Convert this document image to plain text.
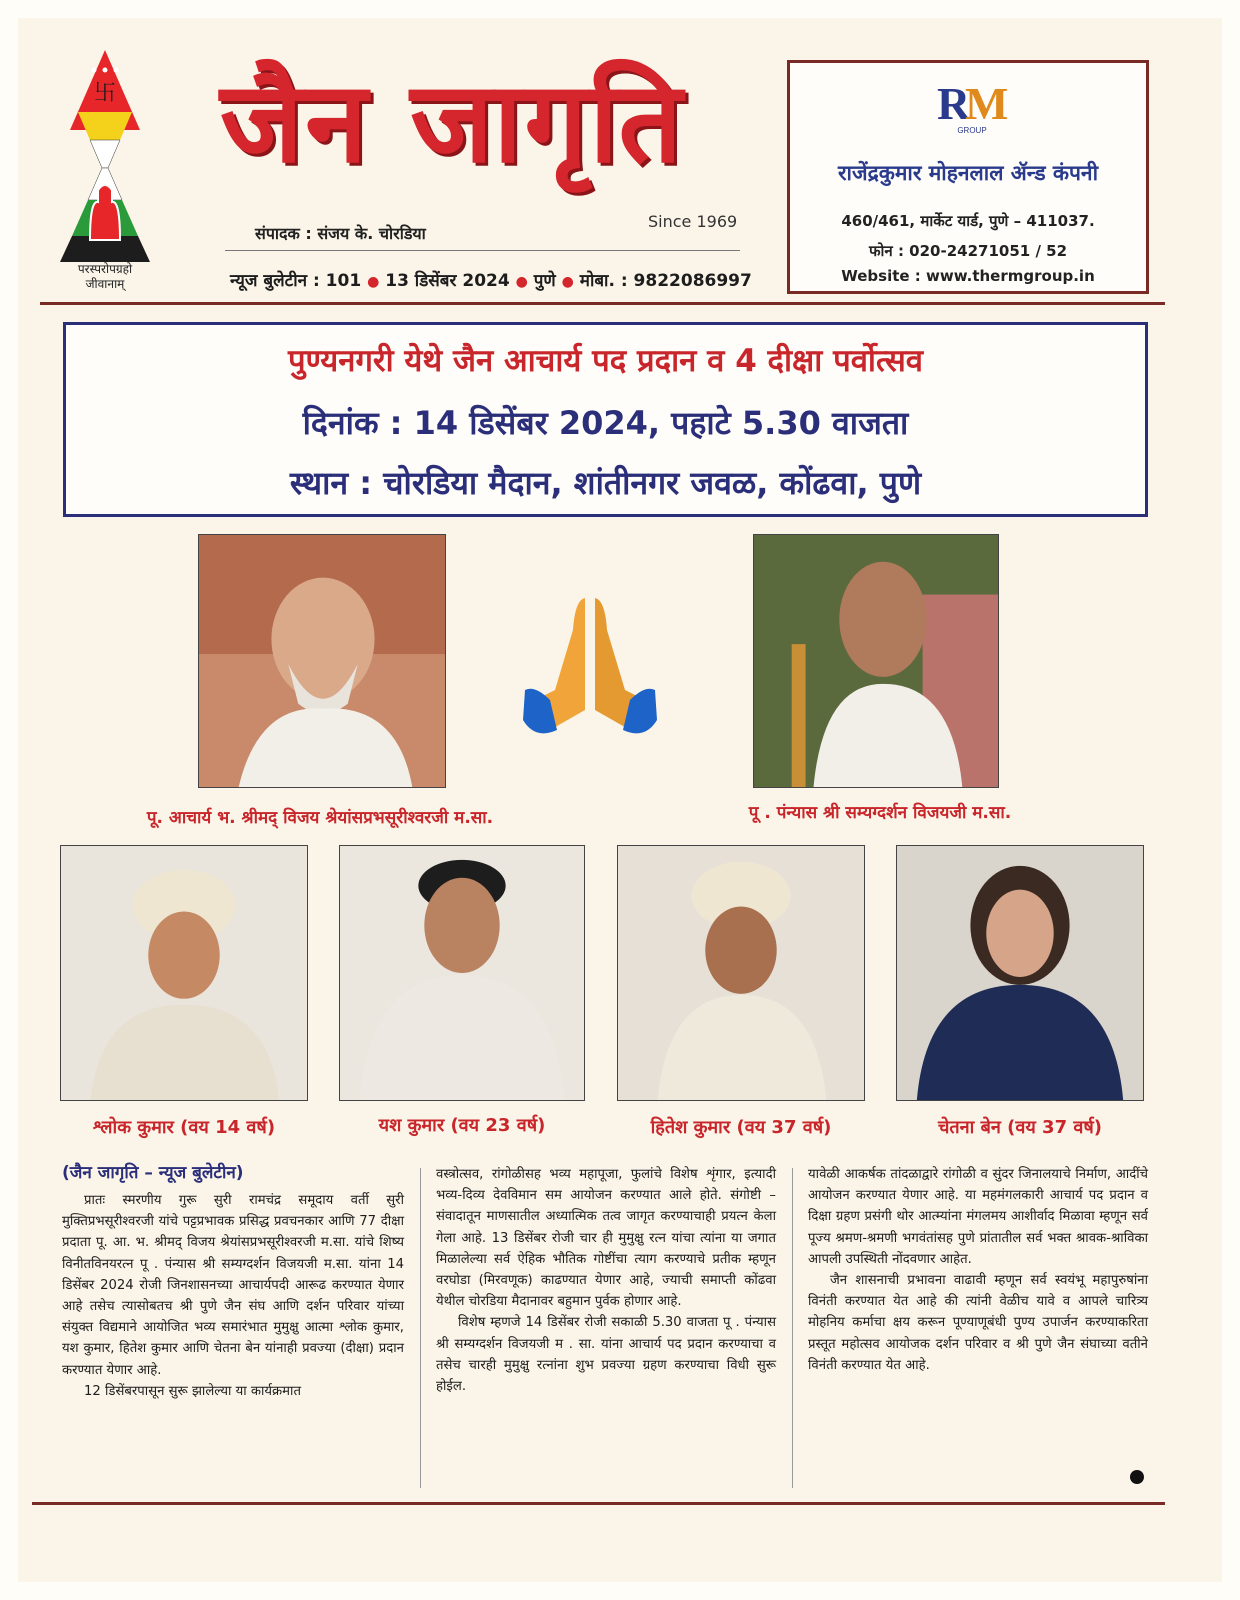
卐
परस्परोपग्रहो
जीवानाम्
जैन जागृति
Since 1969
संपादक : संजय के. चोरडिया
न्यूज बुलेटीन : 101 ● 13 डिसेंबर 2024 ● पुणे ● मोबा. : 9822086997
R
M
GROUP
राजेंद्रकुमार मोहनलाल ॲन्ड कंपनी
460/461, मार्केट यार्ड, पुणे – 411037.
फोन : 020-24271051 / 52
Website : www.thermgroup.in
पुण्यनगरी येथे जैन आचार्य पद प्रदान व 4 दीक्षा पर्वोत्सव
दिनांक : 14 डिसेंबर 2024, पहाटे 5.30 वाजता
स्थान : चोरडिया मैदान, शांतीनगर जवळ, कोंढवा, पुणे
पू. आचार्य भ. श्रीमद् विजय श्रेयांसप्रभसूरीश्वरजी म.सा.	पू . पंन्यास श्री सम्यग्दर्शन विजयजी म.सा.
श्लोक कुमार (वय 14 वर्ष)	यश कुमार (वय 23 वर्ष)	हितेश कुमार (वय 37 वर्ष)	चेतना बेन (वय 37 वर्ष)
(जैन जागृति – न्यूज बुलेटीन)

प्रातः स्मरणीय गुरू सुरी रामचंद्र समूदाय वर्ती सुरी मुक्तिप्रभसूरीश्वरजी यांचे पट्टप्रभावक प्रसिद्ध प्रवचनकार आणि 77 दीक्षा प्रदाता पू. आ. भ. श्रीमद् विजय श्रेयांसप्रभसूरीश्वरजी म.सा. यांचे शिष्य विनीतविनयरत्न पू . पंन्यास श्री सम्यग्दर्शन विजयजी म.सा. यांना 14 डिसेंबर 2024 रोजी जिनशासनच्या आचार्यपदी आरूढ करण्यात येणार आहे तसेच त्यासोबतच श्री पुणे जैन संघ आणि दर्शन परिवार यांच्या संयुक्त विद्यमाने आयोजित भव्य समारंभात मुमुक्षु आत्मा श्लोक कुमार, यश कुमार, हितेश कुमार आणि चेतना बेन यांनाही प्रवज्या (दीक्षा) प्रदान करण्यात येणार आहे.

12 डिसेंबरपासून सुरू झालेल्या या कार्यक्रमात

वस्त्रोत्सव, रांगोळीसह भव्य महापूजा, फुलांचे विशेष शृंगार, इत्यादी भव्य-दिव्य देवविमान सम आयोजन करण्यात आले होते. संगोष्टी – संवादातून माणसातील अध्यात्मिक तत्व जागृत करण्याचाही प्रयत्न केला गेला आहे. 13 डिसेंबर रोजी चार ही मुमुक्षु रत्न यांचा त्यांना या जगात मिळालेल्या सर्व ऐहिक भौतिक गोष्टींचा त्याग करण्याचे प्रतीक म्हणून वरघोडा (मिरवणूक) काढण्यात येणार आहे, ज्याची समाप्ती कोंढवा येथील चोरडिया मैदानावर बहुमान पुर्वक होणार आहे.

विशेष म्हणजे 14 डिसेंबर रोजी सकाळी 5.30 वाजता पू . पंन्यास श्री सम्यग्दर्शन विजयजी म . सा. यांना आचार्य पद प्रदान करण्याचा व तसेच चारही मुमुक्षु रत्नांना शुभ प्रवज्या ग्रहण करण्याचा विधी सुरू होईल.

यावेळी आकर्षक तांदळाद्वारे रांगोळी व सुंदर जिनालयाचे निर्माण, आदींचे आयोजन करण्यात येणार आहे. या महमंगलकारी आचार्य पद प्रदान व दिक्षा ग्रहण प्रसंगी थोर आत्म्यांना मंगलमय आशीर्वाद मिळावा म्हणून सर्व पूज्य श्रमण-श्रमणी भगवंतांसह पुणे प्रांतातील सर्व भक्त श्रावक-श्राविका आपली उपस्थिती नोंदवणार आहेत.

जैन शासनाची प्रभावना वाढावी म्हणून सर्व स्वयंभू महापुरुषांना विनंती करण्यात येत आहे की त्यांनी वेळीच यावे व आपले चारित्र्य मोहनिय कर्माचा क्षय करून पूण्याणूबंधी पुण्य उपार्जन करण्याकरिता प्रस्तूत महोत्सव आयोजक दर्शन परिवार व श्री पुणे जैन संघाच्या वतीने विनंती करण्यात येत आहे.
